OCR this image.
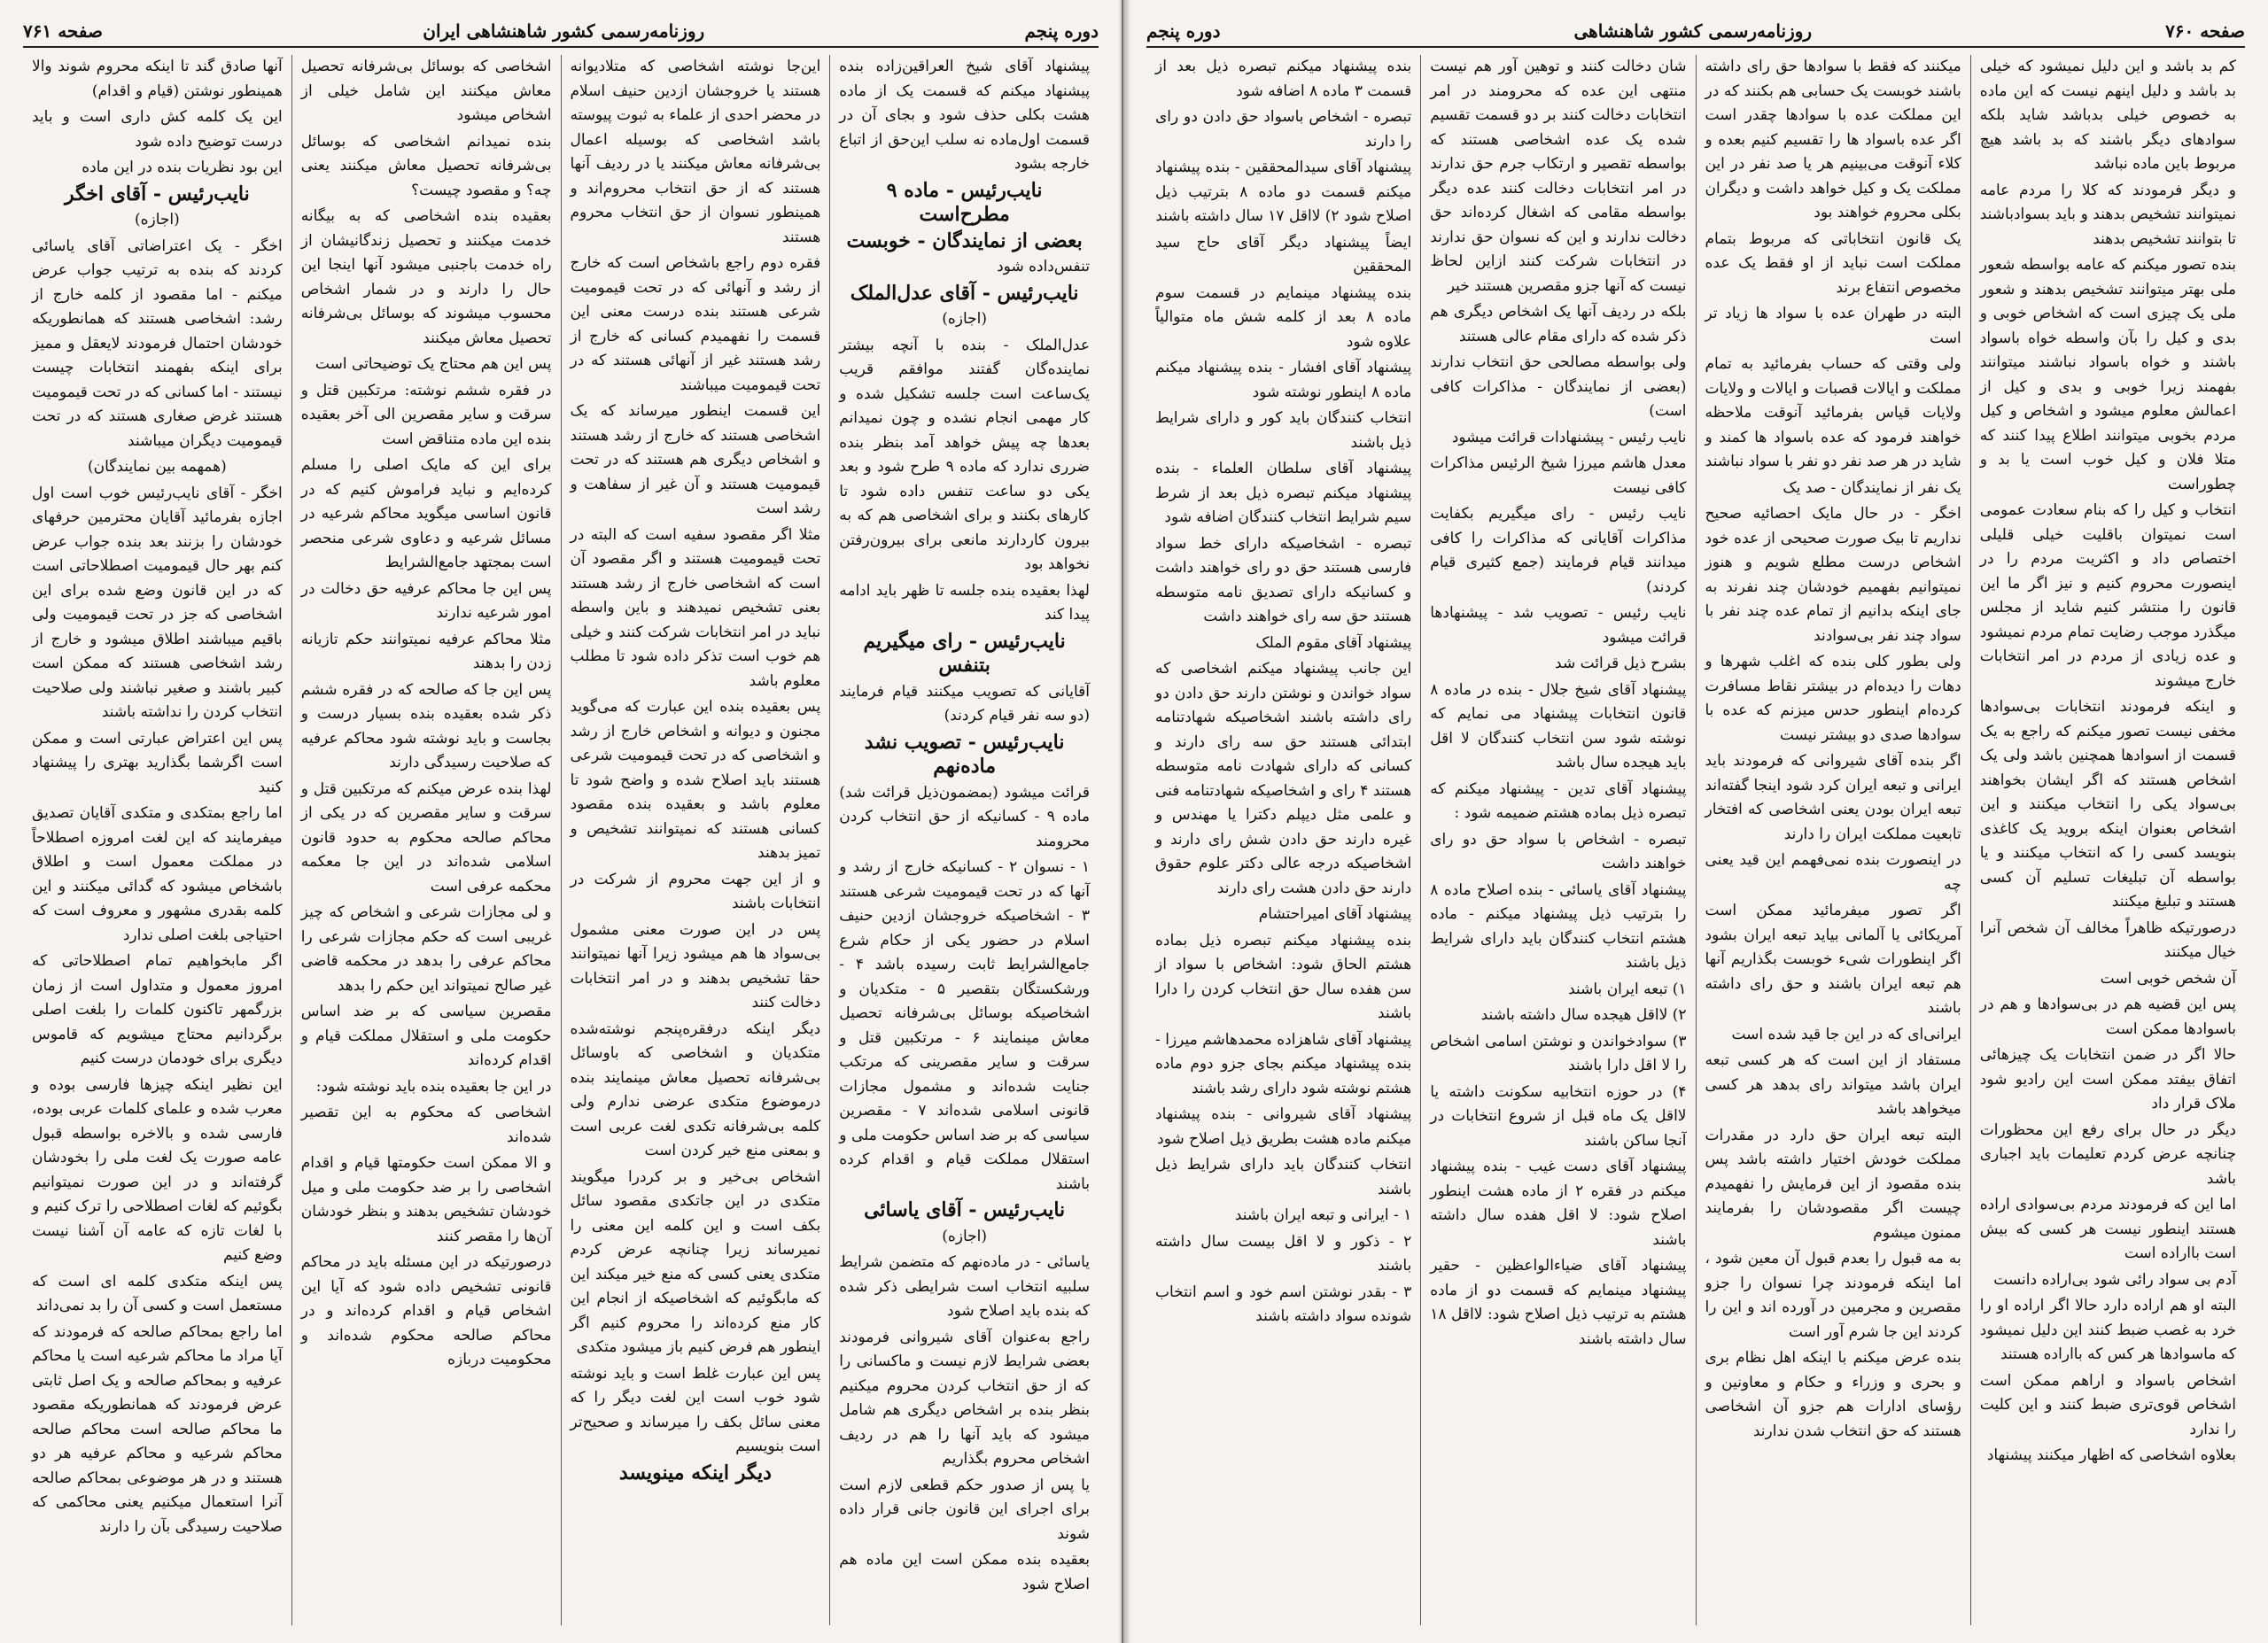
دوره‌ پنجم
روزنامه‌رسمی کشور شاهنشاهی ایران
صفحه ۷۶۱

پیشنهاد آقای شیخ العراقین‌زاده بنده پیشنهاد میکنم که قسمت یک از ماده هشت بکلی حذف شود و بجای آن در قسمت اول‌ماده نه سلب این‌حق از اتباع خارجه بشود

نایب‌رئیس - ماده ۹ مطرح‌است

بعضی از نمایندگان - خوبست

تنفس‌داده شود

نایب‌رئیس - آقای عدل‌الملک

(اجازه)

عدل‌الملک - بنده با آنچه بیشتر نماینده‌گان گفتند موافقم قریب یک‌ساعت است جلسه تشکیل شده و کار مهمی انجام نشده و چون نمیدانم بعدها چه پیش خواهد آمد بنظر بنده ضرری ندارد که ماده ۹ طرح شود و بعد یکی دو ساعت تنفس داده شود تا کارهای بکنند و برای اشخاصی هم که به‌ بیرون کاردارند مانعی برای بیرون‌رفتن نخواهد بود

لهذا بعقیده بنده جلسه تا ظهر باید ادامه پیدا کند

نایب‌رئیس - رای میگیریم بتنفس

آقایانی که تصویب میکنند قیام فرمایند (دو سه‌ نفر قیام کردند)

نایب‌رئیس - تصویب نشد ماده‌نهم

قرائت میشود (بمضمون‌ذیل قرائت شد) ماده ۹ - کسانیکه از حق انتخاب کردن محرومند

۱ - نسوان ۲ - کسانیکه خارج از رشد و آنها که در تحت قیمومیت شرعی هستند ۳ - اشخاصیکه خروجشان ازدین حنیف اسلام در حضور یکی از حکام شرع جامع‌الشرایط ثابت رسیده باشد ۴ - ورشکستگان بتقصیر ۵ - متکدیان و اشخاصیکه بوسائل بی‌شرفانه تحصیل معاش مینمایند ۶ - مرتکبین قتل و سرقت و سایر مقصرینی که مرتکب جنایت شده‌اند و مشمول مجازات قانونی اسلامی شده‌اند ۷ - مقصرین سیاسی که بر ضد اساس حکومت ملی و استقلال مملکت قیام و اقدام کرده باشند

نایب‌رئیس - آقای یاسائی

(اجازه)

یاسائی - در ماده‌نهم که متضمن شرایط سلبیه انتخاب است شرایطی ذکر شده که بنده باید اصلاح شود

راجع به‌عنوان آقای شیروانی فرمودند بعضی شرایط لازم نیست و ماکسانی را که از حق انتخاب کردن محروم میکنیم بنظر بنده بر اشخاص دیگری هم شامل میشود که باید آنها را هم در ردیف اشخاص محروم بگذاریم

یا پس از صدور حکم قطعی لازم است برای اجرای این قانون جانی قرار داده شوند

بعقیده بنده ممکن است این ماده هم اصلاح شود

این‌جا نوشته اشخاصی که متلادیوانه هستند یا خروجشان ازدین حنیف اسلام در محضر احدی از علماء به ثبوت پیوسته باشد اشخاصی که بوسیله اعمال بی‌شرفانه معاش میکنند یا در ردیف آنها هستند که از حق انتخاب محروم‌اند و همینطور نسوان از حق انتخاب محروم هستند

فقره دوم راجع باشخاص است که خارج از رشد و آنهائی که در تحت قیمومیت شرعی هستند بنده درست معنی این قسمت را نفهمیدم کسانی که خارج از رشد هستند غیر از آنهائی هستند که در تحت قیمومیت میباشند

این قسمت اینطور میرساند که یک اشخاصی هستند که خارج از رشد هستند و اشخاص دیگری هم هستند که در تحت قیمومیت هستند و آن غیر از سفاهت و رشد است

مثلا اگر مقصود سفیه است که البته در تحت قیمومیت هستند و اگر مقصود آن است که اشخاصی خارج از رشد هستند بعنی تشخیص نمیدهند و باین واسطه نباید در امر انتخابات شرکت کنند و خیلی هم خوب است تذکر داده شود تا مطلب معلوم باشد

پس بعقیده بنده این عبارت که می‌گوید مجنون و دیوانه و اشخاص خارج از رشد و اشخاصی که در تحت قیمومیت شرعی هستند باید اصلاح شده و واضح شود تا معلوم باشد و بعقیده بنده مقصود کسانی هستند که نمیتوانند تشخیص و تمیز بدهند

و از این جهت محروم از شرکت در انتخابات باشند

پس در این صورت معنی مشمول بی‌سواد ها هم میشود زیرا آنها نمیتوانند حقا تشخیص بدهند و در امر انتخابات دخالت کنند

دیگر اینکه درفقره‌پنجم نوشته‌شده متکدیان و اشخاصی که باوسائل بی‌شرفانه تحصیل معاش مینمایند بنده‌ درموضوع متکدی عرضی ندارم ولی کلمه بی‌شرفانه تکدی لغت عربی است و بمعنی منع خیر کردن است

اشخاص بی‌خیر و بر کردرا میگویند متکدی در این جاتکدی مقصود سائل بکف است و این کلمه این معنی را نمیرساند زیرا چنانچه عرض کردم متکدی یعنی کسی که منع خیر میکند این که مابگوئیم که اشخاصیکه از انجام این کار منع کرده‌اند را محروم کنیم اگر اینطور هم فرض کنیم باز میشود متکدی

پس این عبارت غلط است و باید نوشته شود خوب است این لغت دیگر را که معنی سائل بکف را میرساند و صحیح‌تر است بنویسیم

دیگر اینکه‌ مینویسد

اشخاصی که بوسائل بی‌شرفانه تحصیل معاش میکنند این شامل خیلی از اشخاص میشود

بنده نمیدانم اشخاصی که بوسائل بی‌شرفانه تحصیل معاش میکنند یعنی چه؟ و مقصود چیست؟

بعقیده بنده اشخاصی که به بیگانه خدمت میکنند و تحصیل زندگانیشان از راه خدمت باجنبی میشود آنها اینجا این حال را دارند و در شمار اشخاص محسوب میشوند که بوسائل بی‌شرفانه تحصیل معاش میکنند

پس این هم محتاج یک توضیحاتی است

در فقره ششم نوشته: مرتکبین قتل و سرقت و سایر مقصرین الی آخر بعقیده بنده این ماده متناقض است

برای این که مایک اصلی را مسلم کرده‌ایم و نباید فراموش کنیم که در قانون اساسی میگوید محاکم شرعیه در مسائل شرعیه و دعاوی شرعی منحصر است بمجتهد جامع‌الشرایط

پس این جا محاکم عرفیه حق دخالت در امور شرعیه ندارند

مثلا محاکم عرفیه نمیتوانند حکم تازیانه زدن را بدهند

پس این جا که صالحه که در فقره ششم ذکر شده بعقیده بنده بسیار درست و بجاست و باید نوشته شود محاکم عرفیه که صلاحیت رسیدگی دارند

لهذا بنده عرض میکنم که مرتکبین قتل و سرقت و سایر مقصرین که در یکی از محاکم صالحه محکوم به حدود قانون اسلامی شده‌اند در این جا معکمه محکمه عرفی است

و لی مجازات شرعی و اشخاص که چیز غریبی است که حکم مجازات شرعی را محاکم عرفی را بدهد در محکمه قاضی غیر صالح نمیتواند این حکم را بدهد

مقصرین سیاسی که بر ضد اساس حکومت ملی و استقلال مملکت قیام و اقدام کرده‌اند

در این جا بعقیده بنده باید نوشته شود:

اشخاصی که محکوم به این تقصیر شده‌اند

و الا ممکن است حکومتها قیام و اقدام اشخاصی را بر ضد حکومت ملی و میل خودشان تشخیص بدهند و بنظر خودشان آن‌ها را مقصر کنند

درصورتیکه در این مسئله باید در محاکم قانونی تشخیص داده شود که آیا این اشخاص قیام و اقدام کرده‌اند و در محاکم صالحه محکوم شده‌اند و محکومیت دربازه

آنها صادق گند تا اینکه محروم شوند والا همینطور نوشتن (قیام و اقدام)

این یک کلمه کش داری است و باید درست توضیح داده شود

این بود نظریات بنده در این ماده

نایب‌رئیس - آقای اخگر

(اجازه)

اخگر - یک اعتراضاتی آقای یاسائی کردند که بنده به ترتیب جواب عرض میکنم - اما مقصود از کلمه خارج از رشد: اشخاصی هستند که همانطوریکه خودشان احتمال فرمودند لایعقل و ممیز برای اینکه بفهمند انتخابات چیست نیستند - اما کسانی که در تحت قیمومیت هستند غرض صغاری هستند که در تحت قیمومیت دیگران میباشند

(همهمه بین نمایندگان)

اخگر - آقای نایب‌رئیس خوب است اول اجازه بفرمائید آقایان محترمین حرفهای خودشان را بزنند بعد بنده جواب عرض کنم بهر حال قیمومیت اصطلاحاتی است که در این قانون وضع شده برای این اشخاصی که جز در تحت قیمومیت ولی باقیم میباشند اطلاق میشود و خارج از رشد اشخاصی هستند که ممکن است کبیر باشند و صغیر نباشند ولی صلاحیت انتخاب کردن را نداشته باشند

پس این اعتراض عبارتی است و ممکن است اگرشما بگذارید بهتری را پیشنهاد کنید

اما راجع بمتکدی و متکدی آقایان تصدیق میفرمایند که این لغت امروزه اصطلاحاً در مملکت معمول است و اطلاق باشخاص میشود که گدائی میکنند و این کلمه بقدری مشهور و معروف است که احتیاجی بلغت اصلی ندارد

اگر مابخواهیم تمام اصطلاحاتی که امروز معمول و متداول است از زمان بزرگمهر تاکنون کلمات را بلغت اصلی برگردانیم محتاج میشویم که قاموس دیگری برای خودمان درست کنیم

این نظیر اینکه چیزها فارسی بوده و معرب شده و علمای کلمات عربی بوده، فارسی شده و بالاخره بواسطه قبول عامه صورت یک لغت ملی را بخودشان گرفته‌اند و در این صورت نمیتوانیم بگوئیم که لغات اصطلاحی را ترک کنیم و با لغات تازه که عامه آن آشنا نیست وضع کنیم

پس اینکه متکدی کلمه ای است که مستعمل است و کسی آن را بد نمی‌داند

اما راجع بمحاکم صالحه که فرمودند که آیا مراد ما محاکم شرعیه است یا محاکم عرفیه و بمحاکم صالحه و یک اصل ثابتی عرض فرمودند که همانطوریکه مقصود ما محاکم صالحه است محاکم صالحه محاکم شرعیه و محاکم عرفیه هر دو هستند و در هر موضوعی بمحاکم صالحه آنرا استعمال میکنیم یعنی محاکمی که صلاحیت رسیدگی بآن را دارند

صفحه ۷۶۰
روزنامه‌رسمی کشور شاهنشاهی
دوره پنجم

کم بد باشد و این دلیل نمیشود که خیلی بد باشد و دلیل اینهم نیست که این ماده به خصوص خیلی بدباشد شاید بلکه سوادهای دیگر باشند که بد باشد هیچ مربوط باین ماده نباشد

و دیگر فرمودند که کلا را مردم عامه نمیتوانند تشخیص بدهند و باید بسوادباشند تا بتوانند تشخیص بدهند

بنده تصور میکنم که عامه بواسطه شعور ملی بهتر میتوانند تشخیص بدهند و شعور ملی یک چیزی است که اشخاص خوبی و بدی و کیل را بآن واسطه خواه باسواد باشند و خواه باسواد نباشند میتوانند بفهمند زیرا خوبی و بدی و کیل از اعمالش معلوم میشود و اشخاص و کیل مردم بخوبی میتوانند اطلاع پیدا کنند که متلا فلان و کیل خوب است یا بد و چطوراست

انتخاب و کیل را که بنام سعادت عمومی است نمیتوان باقلیت خیلی قلیلی اختصاص داد و اکثریت مردم را در اینصورت محروم کنیم و نیز اگر ما این قانون را منتشر کنیم شاید از مجلس میگذرد موجب رضایت تمام مردم نمیشود و عده زیادی از مردم در امر انتخابات خارج میشوند

و اینکه فرمودند انتخابات بی‌سوادها مخفی نیست تصور میکنم که راجع به یک قسمت از اسوادها همچنین باشد ولی یک اشخاص هستند که اگر ایشان بخواهند بی‌سواد یکی را انتخاب میکنند و این اشخاص بعنوان اینکه بروید یک کاغذی بنویسد کسی را که انتخاب میکنند و یا بواسطه آن تبلیغات تسلیم آن کسی هستند و تبلیغ میکنند

درصورتیکه ظاهراً مخالف آن شخص آنرا خیال میکنند

آن شخص خوبی است

پس این قضیه هم در بی‌سوادها و هم در باسوادها ممکن است

حالا اگر در ضمن انتخابات یک چیزهائی اتفاق بیفتد ممکن است این رادیو شود ملاک قرار داد

دیگر در حال برای رفع این محظورات چنانچه عرض کردم تعلیمات باید اجباری باشد

اما این که فرمودند مردم بی‌سوادی اراده هستند اینطور نیست هر کسی که بیش است بااراده است

آدم بی سواد رائی شود بی‌اراده دانست

البته او هم اراده دارد حالا اگر اراده او را خرد به غصب ضبط کنند این دلیل نمیشود که ماسوادها هر کس که بااراده هستند

اشخاص باسواد و اراهم ممکن است اشخاص قوی‌تری ضبط کنند و این کلیت را ندارد

بعلاوه اشخاصی که اظهار میکنند پیشنهاد

میکنند که فقط با سوادها حق رای‌ داشته باشند خوبست یک حسابی هم بکنند که در این مملکت عده با سوادها چقدر است اگر عده باسواد ها را تقسیم کنیم بعده و کلاء آنوقت می‌بینیم هر یا صد نفر در این مملکت یک و کیل خواهد داشت و دیگران بکلی محروم خواهند بود

یک قانون انتخاباتی که مربوط بتمام مملکت است نباید از او فقط یک عده مخصوص انتفاع برند

البته در طهران عده با سواد ها زیاد تر است

ولی وقتی که حساب بفرمائید به تمام مملکت و ایالات قصبات و ایالات و ولایات ولایات قیاس بفرمائید آنوقت ملاحظه خواهند فرمود که عده باسواد ها کمند و شاید در هر صد نفر دو نفر با سواد نباشند

یک نفر از نمایندگان - صد یک

اخگر - در حال مایک احصائیه صحیح نداریم تا بیک صورت صحیحی از عده خود اشخاص درست مطلع شویم و هنوز نمیتوانیم بفهمیم خودشان چند نفرند به جای اینکه بدانیم از تمام عده چند نفر با سواد چند نفر بی‌سوادند

ولی بطور کلی بنده که اغلب شهرها و دهات را دیده‌ام در بیشتر نقاط مسافرت کرده‌ام اینطور حدس میزنم که عده با سوادها صدی دو بیشتر نیست

اگر بنده آقای شیروانی که فرمودند باید ایرانی و تبعه ایران کرد شود اینجا گفته‌اند تبعه ایران بودن یعنی اشخاصی که افتخار تابعیت مملکت ایران را دارند

در اینصورت بنده نمی‌فهمم این قید یعنی چه

اگر تصور میفرمائید ممکن است آمریکائی یا آلمانی بیاید تبعه ایران بشود اگر اینطورات شیء خوبست بگذاریم آنها هم تبعه ایران باشند و حق رای داشته باشند

ایرانی‌ای که در این جا قید شده است

مستفاد از این است که هر کسی تبعه ایران باشد میتواند رای بدهد هر کسی میخواهد باشد

البته تبعه ایران حق دارد در مقدرات مملکت خودش اختیار داشته باشد پس بنده مقصود از این فرمایش را نفهمیدم چیست اگر مقصودشان را بفرمایند ممنون میشوم

به مه قبول را بعدم قبول آن معین شود ، اما اینکه فرمودند چرا نسوان را جزو مقصرین و مجرمین در آورده اند و این را کردند این جا شرم آور است

بنده عرض میکنم با اینکه اهل نظام بری و بحری و وزراء و حکام و معاونین و رؤسای ادارات هم جزو آن اشخاصی هستند که حق انتخاب شدن ندارند

شان دخالت کنند و توهین آور هم نیست منتهی این عده که محرومند در امر انتخابات دخالت کنند بر دو قسمت تقسیم شده یک عده اشخاصی هستند که بواسطه تقصیر و ارتکاب جرم حق ندارند در امر انتخابات دخالت کنند عده دیگر بواسطه مقامی که اشغال کرده‌اند حق دخالت ندارند و این که نسوان حق ندارند در انتخابات شرکت کنند ازاین لحاظ نیست که آنها جزو مقصرین هستند خیر

بلکه در ردیف آنها یک اشخاص دیگری هم ذکر شده که دارای مقام عالی هستند

ولی بواسطه مصالحی حق انتخاب ندارند (بعضی از نمایندگان - مذاکرات کافی است)

نایب رئیس - پیشنهادات قرائت میشود

معدل هاشم میرزا شیخ الرئیس مذاکرات کافی نیست

نایب رئیس - رای میگیریم بکفایت مذاکرات آقایانی که مذاکرات را کافی میدانند قیام فرمایند (جمع کثیری قیام کردند)

نایب رئیس - تصویب شد - پیشنهادها قرائت میشود

بشرح ذیل قرائت شد

پیشنهاد آقای شیخ جلال - بنده در ماده ۸ قانون انتخابات پیشنهاد می نمایم که نوشته شود سن انتخاب کنندگان لا اقل باید هیجده سال باشد

پیشنهاد آقای تدین - پیشنهاد میکنم که تبصره ذیل بماده هشتم ضمیمه شود :

تبصره - اشخاص با سواد حق دو رای خواهند داشت

پیشنهاد آقای یاسائی - بنده اصلاح ماده ۸ را بترتیب ذیل پیشنهاد میکنم - ماده هشتم انتخاب کنندگان باید دارای شرایط ذیل باشند

۱) تبعه ایران باشند

۲) لااقل هیجده سال داشته باشند

۳) سوادخواندن و نوشتن اسامی اشخاص را لا اقل دارا باشند

۴) در حوزه انتخابیه سکونت داشته یا لااقل یک ماه قبل از شروع انتخابات در آنجا ساکن باشند

پیشنهاد آقای دست غیب - بنده پیشنهاد میکنم در فقره ۲ از ماده هشت اینطور اصلاح شود: لا اقل هفده سال داشته باشند

پیشنهاد آقای ضیاءالواعظین - حقیر پیشنهاد مینمایم که قسمت دو از ماده هشتم به ترتیب ذیل اصلاح شود: لااقل ۱۸ سال داشته باشند

بنده پیشنهاد میکنم تبصره ذیل بعد از قسمت ۳ ماده ۸ اضافه شود

تبصره - اشخاص باسواد حق دادن دو رای را دارند

پیشنهاد آقای سیدالمحققین - بنده پیشنهاد میکنم قسمت دو ماده ۸ بترتیب ذیل اصلاح شود ۲) لااقل ۱۷ سال داشته باشند

ایضاً پیشنهاد دیگر آقای حاج سید المحققین

بنده پیشنهاد مینمایم در قسمت سوم ماده ۸ بعد از کلمه شش ماه متوالیاً علاوه شود

پیشنهاد آقای افشار - بنده پیشنهاد میکنم ماده ۸ اینطور نوشته شود

انتخاب کنندگان باید کور و دارای شرایط ذیل باشند

پیشنهاد آقای سلطان العلماء - بنده پیشنهاد میکنم تبصره ذیل بعد از شرط سیم شرایط انتخاب کنندگان اضافه شود

تبصره - اشخاصیکه دارای خط سواد فارسی هستند حق دو رای خواهند داشت و کسانیکه دارای تصدیق نامه متوسطه هستند حق سه رای خواهند داشت

پیشنهاد آقای مقوم الملک

این جانب پیشنهاد میکنم اشخاصی که سواد خواندن و نوشتن دارند حق دادن دو رای داشته باشند اشخاصیکه شهادتنامه ابتدائی هستند حق سه رای دارند و کسانی که دارای شهادت نامه متوسطه هستند ۴ رای و اشخاصیکه شهادتنامه فنی و علمی مثل دیپلم دکترا یا مهندس و غیره دارند حق دادن شش رای دارند و اشخاصیکه درجه عالی دکتر علوم حقوق دارند حق دادن هشت رای دارند

پیشنهاد آقای امیراحتشام

بنده پیشنهاد میکنم تبصره ذیل بماده هشتم الحاق شود: اشخاص با سواد از سن هفده سال حق انتخاب کردن را دارا باشند

پیشنهاد آقای شاهزاده محمدهاشم میرزا - بنده پیشنهاد میکنم بجای جزو دوم ماده هشتم نوشته شود دارای رشد باشند

پیشنهاد آقای شیروانی - بنده پیشنهاد میکنم ماده هشت بطریق ذیل اصلاح شود

انتخاب کنندگان باید دارای شرایط ذیل باشند

۱ - ایرانی و تبعه ایران باشند

۲ - ذکور و لا اقل بیست سال داشته باشند

۳ - بقدر نوشتن اسم خود و اسم انتخاب شونده سواد داشته باشند
